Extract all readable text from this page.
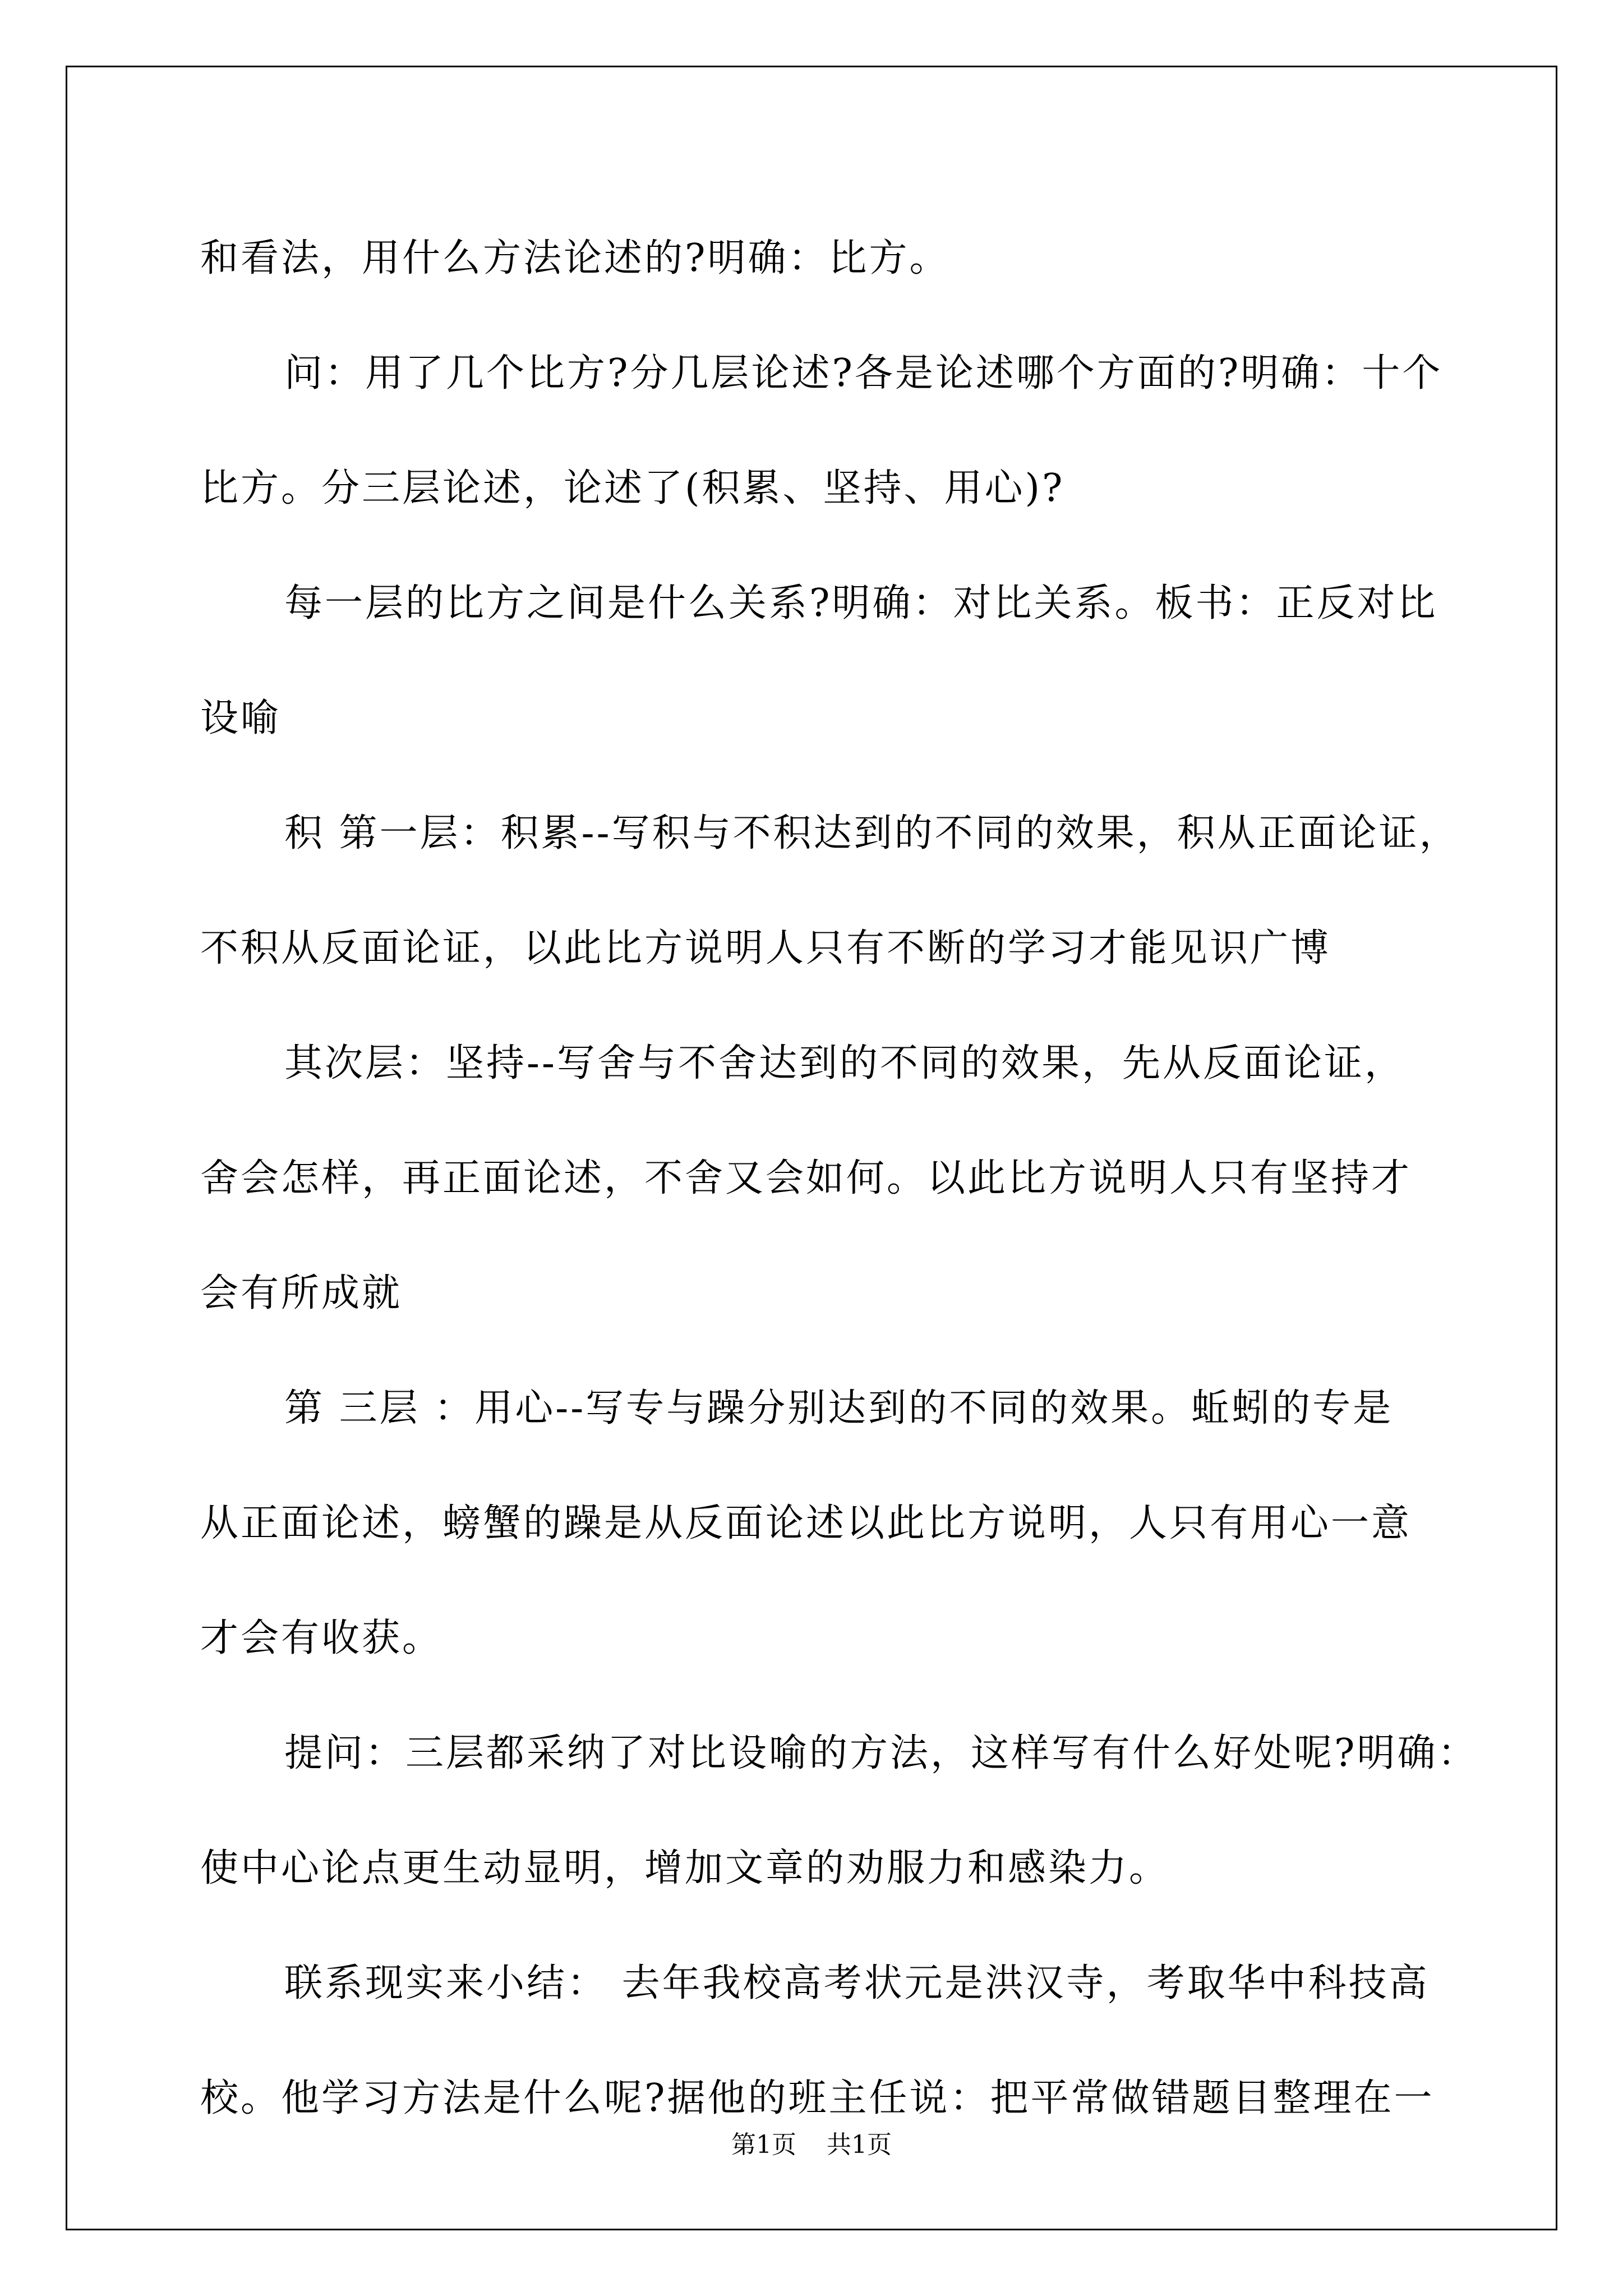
和看法，用什么方法论述的?明确：比方。

问：用了几个比方?分几层论述?各是论述哪个方面的?明确：十个
比方。分三层论述，论述了(积累、坚持、用心)?

每一层的比方之间是什么关系?明确：对比关系。板书：正反对比
设喻

积 第一层：积累--写积与不积达到的不同的效果，积从正面论证，
不积从反面论证，以此比方说明人只有不断的学习才能见识广博

其次层：坚持--写舍与不舍达到的不同的效果，先从反面论证，
舍会怎样，再正面论述，不舍又会如何。以此比方说明人只有坚持才
会有所成就

第 三层 ：用心--写专与躁分别达到的不同的效果。蚯蚓的专是
从正面论述，螃蟹的躁是从反面论述以此比方说明，人只有用心一意
才会有收获。

提问：三层都采纳了对比设喻的方法，这样写有什么好处呢?明确：
使中心论点更生动显明，增加文章的劝服力和感染力。

联系现实来小结： 去年我校高考状元是洪汉寺，考取华中科技高
校。他学习方法是什么呢?据他的班主任说：把平常做错题目整理在一

第1页 共1页
